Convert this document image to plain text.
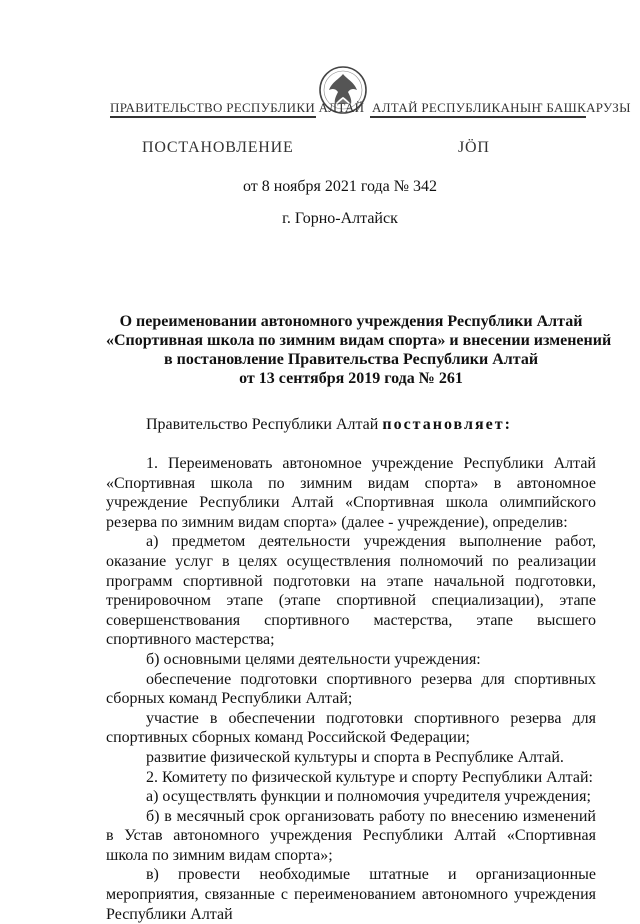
ПРАВИТЕЛЬСТВО РЕСПУБЛИКИ АЛТАЙ АЛТАЙ РЕСПУБЛИКАНЫҤ БАШКАРУЗЫ
ПОСТАНОВЛЕНИЕ	ЈӦП
от 8 ноября 2021 года № 342
г. Горно-Алтайск
О переименовании автономного учреждения Республики Алтай
«Спортивная школа по зимним видам спорта» и внесении изменений
в постановление Правительства Республики Алтай
от 13 сентября 2019 года № 261
Правительство Республики Алтай постановляет:

1. Переименовать автономное учреждение Республики Алтай «Спортивная школа по зимним видам спорта» в автономное учреждение Республики Алтай «Спортивная школа олимпийского резерва по зимним видам спорта» (далее - учреждение), определив:

а) предметом деятельности учреждения выполнение работ, оказание услуг в целях осуществления полномочий по реализации программ спортивной подготовки на этапе начальной подготовки, тренировочном этапе (этапе спортивной специализации), этапе совершенствования спортивного мастерства, этапе высшего спортивного мастерства;

б) основными целями деятельности учреждения:

обеспечение подготовки спортивного резерва для спортивных сборных команд Республики Алтай;

участие в обеспечении подготовки спортивного резерва для спортивных сборных команд Российской Федерации;

развитие физической культуры и спорта в Республике Алтай.

2. Комитету по физической культуре и спорту Республики Алтай:

а) осуществлять функции и полномочия учредителя учреждения;

б) в месячный срок организовать работу по внесению изменений в Устав автономного учреждения Республики Алтай «Спортивная школа по зимним видам спорта»;

в) провести необходимые штатные и организационные мероприятия, связанные с переименованием автономного учреждения Республики Алтай
